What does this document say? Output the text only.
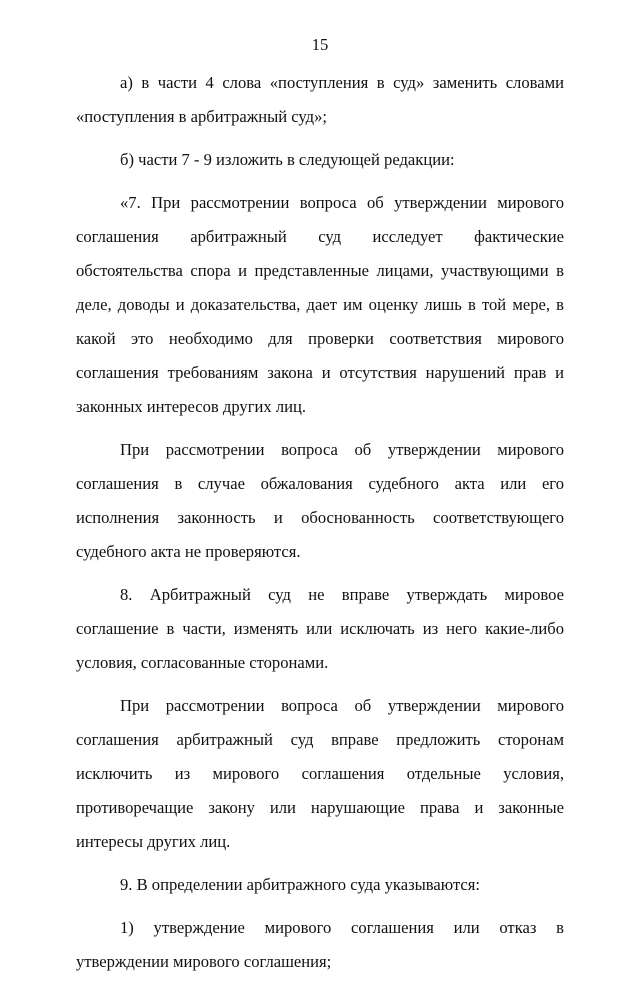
15

а) в части 4 слова «поступления в суд» заменить словами «поступления в арбитражный суд»;

б) части 7 - 9 изложить в следующей редакции:

«7. При рассмотрении вопроса об утверждении мирового соглашения арбитражный суд исследует фактические обстоятельства спора и представленные лицами, участвующими в деле, доводы и доказательства, дает им оценку лишь в той мере, в какой это необходимо для проверки соответствия мирового соглашения требованиям закона и отсутствия нарушений прав и законных интересов других лиц.

При рассмотрении вопроса об утверждении мирового соглашения в случае обжалования судебного акта или его исполнения законность и обоснованность соответствующего судебного акта не проверяются.

8. Арбитражный суд не вправе утверждать мировое соглашение в части, изменять или исключать из него какие-либо условия, согласованные сторонами.

При рассмотрении вопроса об утверждении мирового соглашения арбитражный суд вправе предложить сторонам исключить из мирового соглашения отдельные условия, противоречащие закону или нарушающие права и законные интересы других лиц.

9. В определении арбитражного суда указываются:

1) утверждение мирового соглашения или отказ в утверждении мирового соглашения;
